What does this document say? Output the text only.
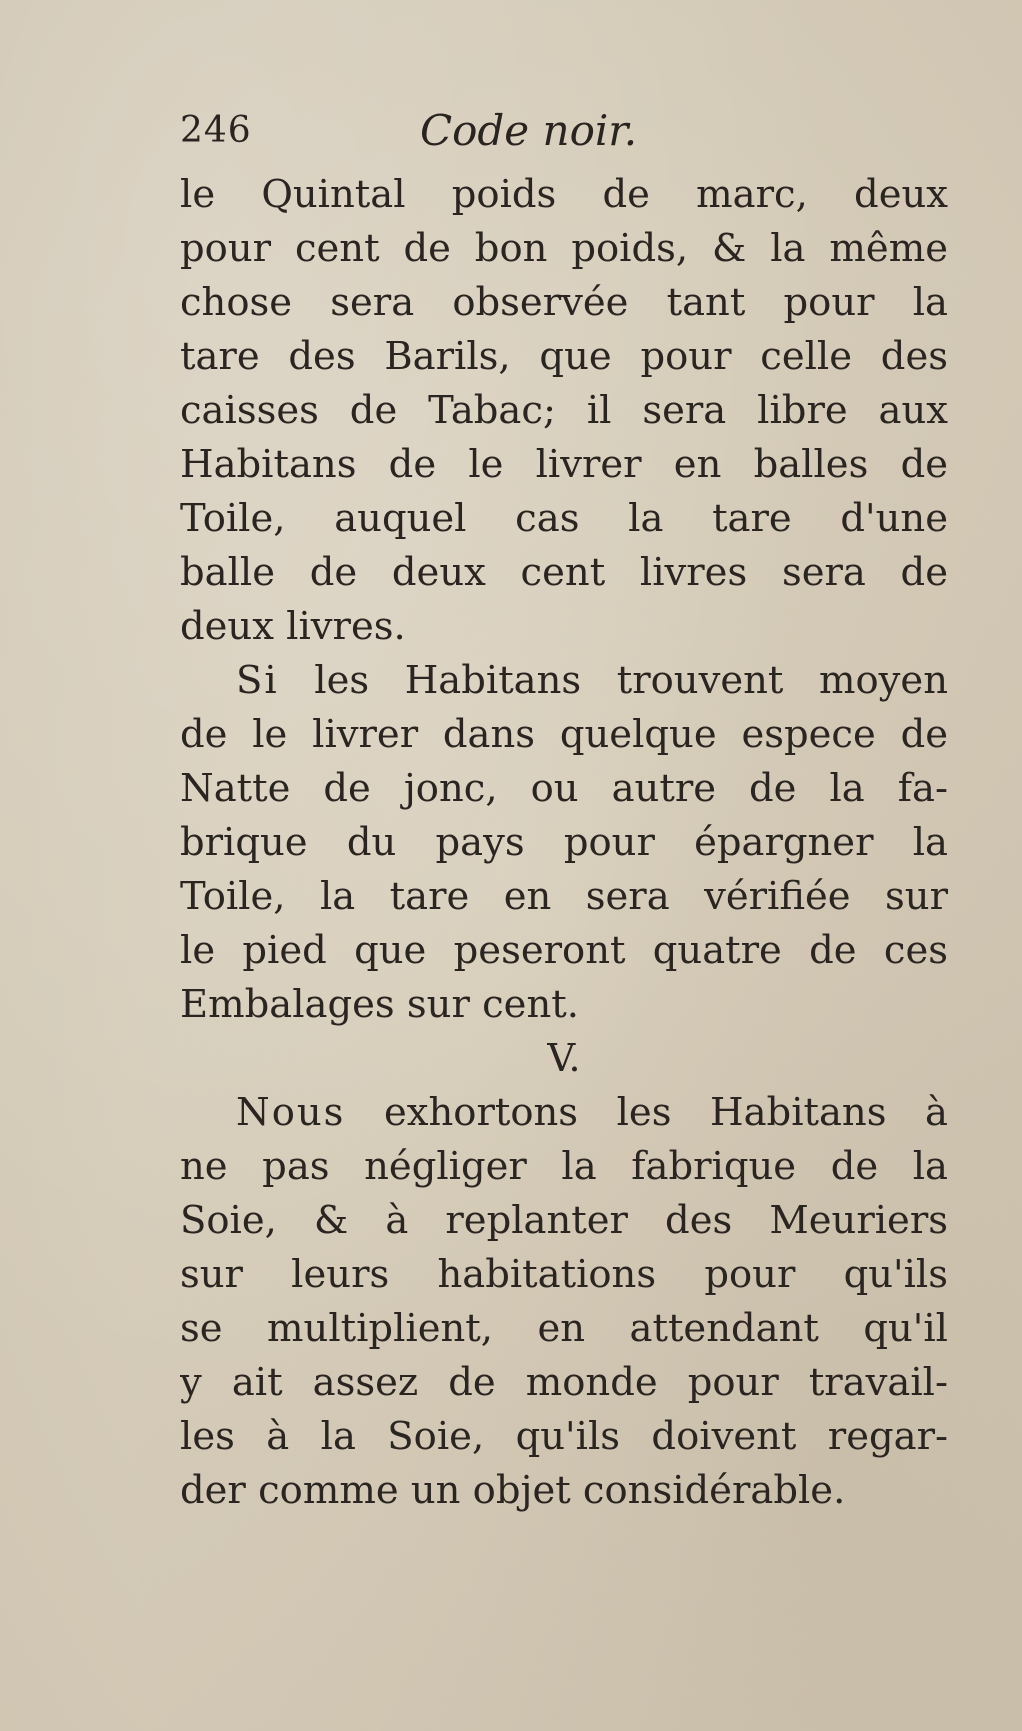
246	Code noir.
le Quintal poids de marc, deux
pour cent de bon poids, & la même
chose sera observée tant pour la
tare des Barils, que pour celle des
caisses de Tabac; il sera libre aux
Habitans de le livrer en balles de
Toile, auquel cas la tare d'une
balle de deux cent livres sera de
deux livres.
Si les Habitans trouvent moyen
de le livrer dans quelque espece de
Natte de jonc, ou autre de la fa-
brique du pays pour épargner la
Toile, la tare en sera vérifiée sur
le pied que peseront quatre de ces
Embalages sur cent.
V.
Nous exhortons les Habitans à
ne pas négliger la fabrique de la
Soie, & à replanter des Meuriers
sur leurs habitations pour qu'ils
se multiplient, en attendant qu'il
y ait assez de monde pour travail-
les à la Soie, qu'ils doivent regar-
der comme un objet considérable.
